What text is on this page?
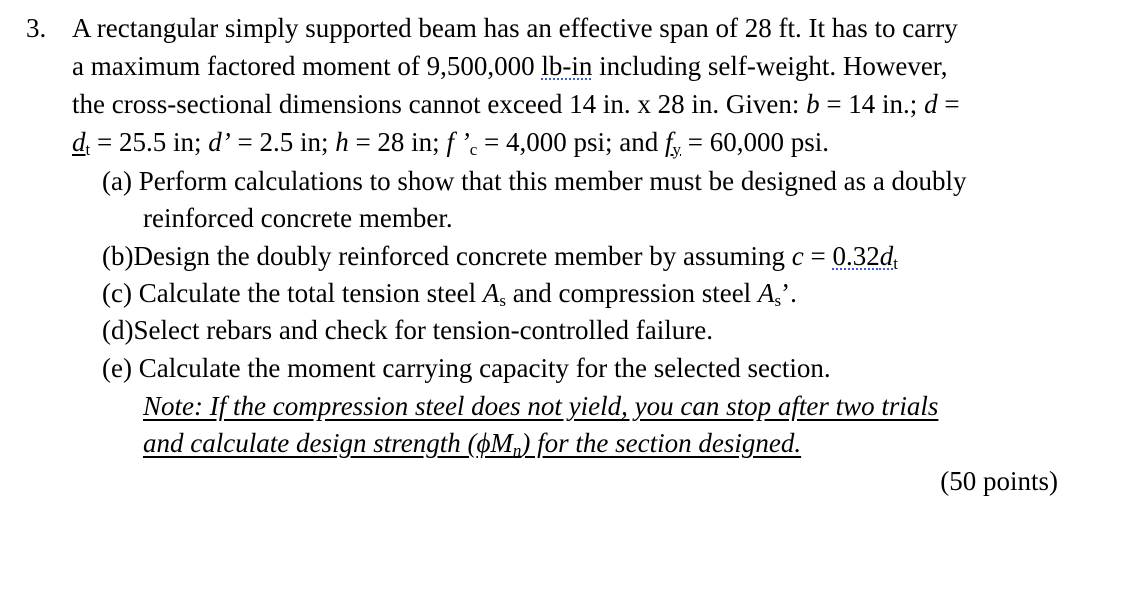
3. A rectangular simply supported beam has an effective span of 28 ft. It has to carry
a maximum factored moment of 9,500,000 lb-in including self-weight. However,
the cross-sectional dimensions cannot exceed 14 in. x 28 in. Given: b = 14 in.; d =
$d_t = 25.5$ in; d’ = 2.5 in; h = 28 in; f $’_c = 4,000$ psi; and $f_y = 60,000$ psi.
(a) Perform calculations to show that this member must be designed as a doubly
reinforced concrete member.
(b)Design the doubly reinforced concrete member by assuming $c = 0.32d_t$
(c) Calculate the total tension steel $A_s$ and compression steel $A_s$’.
(d)Select rebars and check for tension-controlled failure.
(e) Calculate the moment carrying capacity for the selected section.
Note: If the compression steel does not yield, you can stop after two trials
and calculate design strength $(\phi M_n)$ for the section designed.
(50 points)
